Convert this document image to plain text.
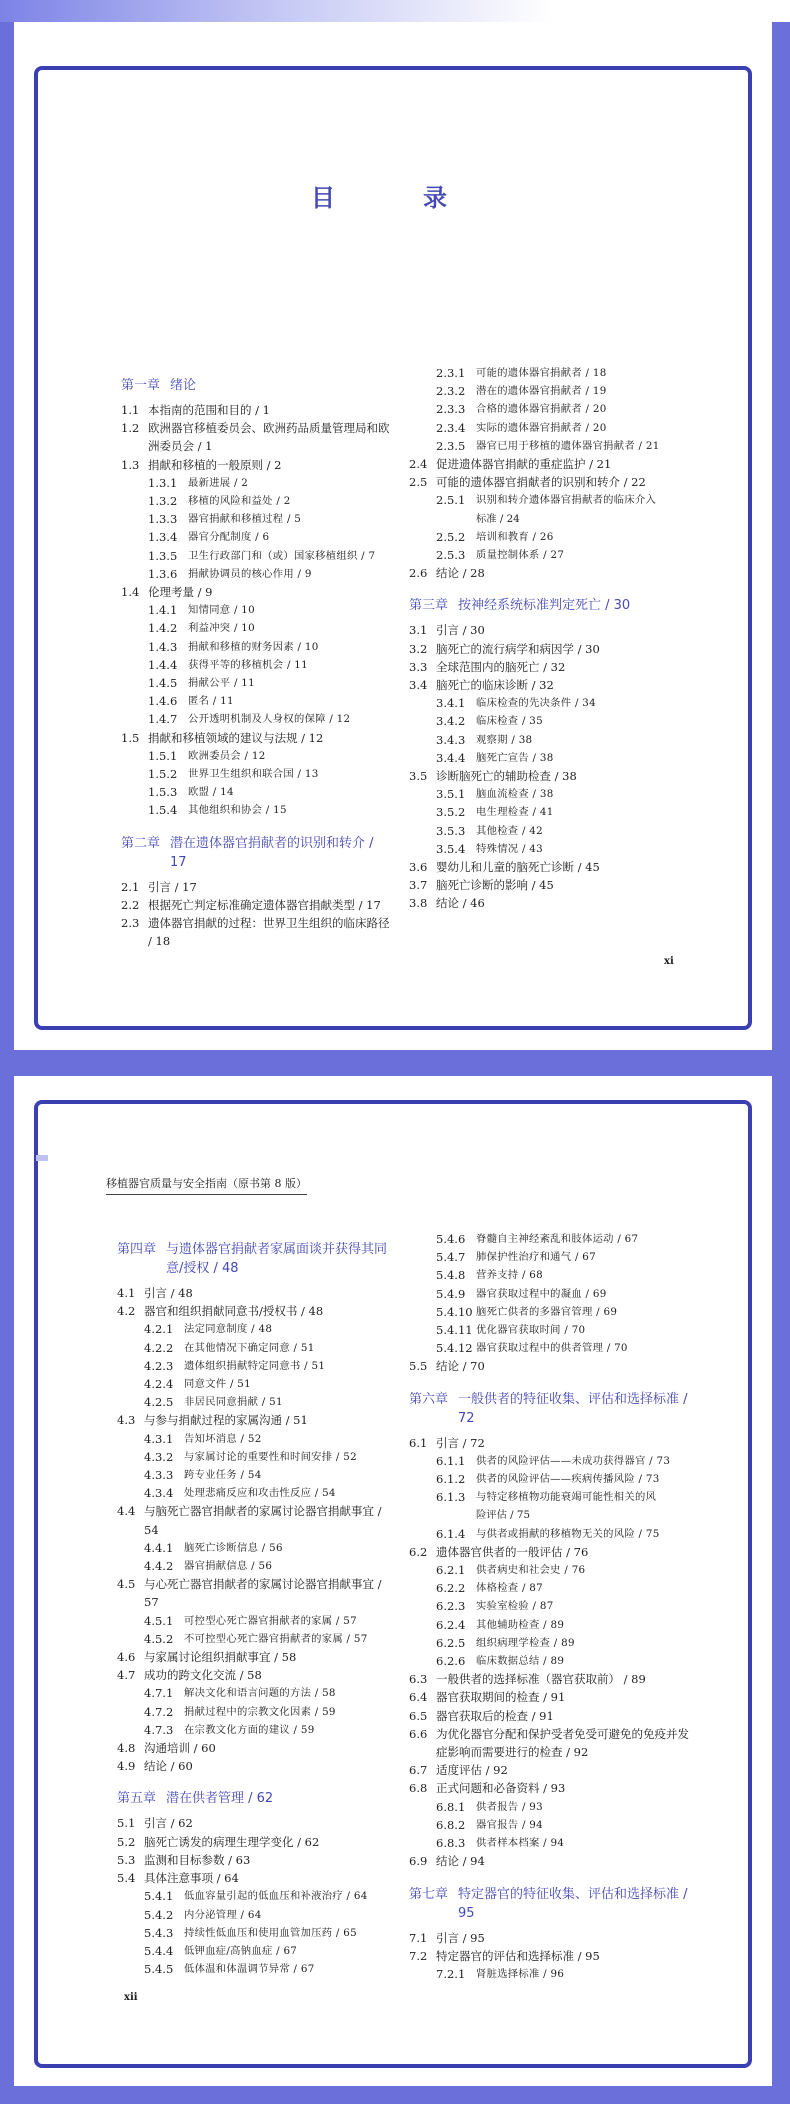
目　录
第一章 绪论
1.1 本指南的范围和目的 / 1
1.2 欧洲器官移植委员会、欧洲药品质量管理局和欧洲委员会 / 1
1.3 捐献和移植的一般原则 / 2
1.3.1	最新进展 / 2
1.3.2	移植的风险和益处 / 2
1.3.3	器官捐献和移植过程 / 5
1.3.4	器官分配制度 / 6
1.3.5	卫生行政部门和（或）国家移植组织 / 7
1.3.6	捐献协调员的核心作用 / 9
1.4 伦理考量 / 9
1.4.1	知情同意 / 10
1.4.2	利益冲突 / 10
1.4.3	捐献和移植的财务因素 / 10
1.4.4	获得平等的移植机会 / 11
1.4.5	捐献公平 / 11
1.4.6	匿名 / 11
1.4.7	公开透明机制及人身权的保障 / 12
1.5 捐献和移植领域的建议与法规 / 12
1.5.1	欧洲委员会 / 12
1.5.2	世界卫生组织和联合国 / 13
1.5.3	欧盟 / 14
1.5.4	其他组织和协会 / 15
第二章 潜在遗体器官捐献者的识别和转介 / 17
2.1 引言 / 17
2.2 根据死亡判定标准确定遗体器官捐献类型 / 17
2.3 遗体器官捐献的过程：世界卫生组织的临床路径 / 18
2.3.1	可能的遗体器官捐献者 / 18
2.3.2	潜在的遗体器官捐献者 / 19
2.3.3	合格的遗体器官捐献者 / 20
2.3.4	实际的遗体器官捐献者 / 20
2.3.5	器官已用于移植的遗体器官捐献者 / 21
2.4 促进遗体器官捐献的重症监护 / 21
2.5 可能的遗体器官捐献者的识别和转介 / 22
2.5.1	识别和转介遗体器官捐献者的临床介入
标准 / 24
2.5.2	培训和教育 / 26
2.5.3	质量控制体系 / 27
2.6 结论 / 28
第三章 按神经系统标准判定死亡 / 30
3.1 引言 / 30
3.2 脑死亡的流行病学和病因学 / 30
3.3 全球范围内的脑死亡 / 32
3.4 脑死亡的临床诊断 / 32
3.4.1	临床检查的先决条件 / 34
3.4.2	临床检查 / 35
3.4.3	观察期 / 38
3.4.4	脑死亡宣告 / 38
3.5 诊断脑死亡的辅助检查 / 38
3.5.1	脑血流检查 / 38
3.5.2	电生理检查 / 41
3.5.3	其他检查 / 42
3.5.4	特殊情况 / 43
3.6 婴幼儿和儿童的脑死亡诊断 / 45
3.7 脑死亡诊断的影响 / 45
3.8 结论 / 46
xi
移植器官质量与安全指南（原书第 8 版）
第四章 与遗体器官捐献者家属面谈并获得其同意/授权 / 48
4.1 引言 / 48
4.2 器官和组织捐献同意书/授权书 / 48
4.2.1	法定同意制度 / 48
4.2.2	在其他情况下确定同意 / 51
4.2.3	遗体组织捐献特定同意书 / 51
4.2.4	同意文件 / 51
4.2.5	非居民同意捐献 / 51
4.3 与参与捐献过程的家属沟通 / 51
4.3.1	告知坏消息 / 52
4.3.2	与家属讨论的重要性和时间安排 / 52
4.3.3	跨专业任务 / 54
4.3.4	处理悲痛反应和攻击性反应 / 54
4.4 与脑死亡器官捐献者的家属讨论器官捐献事宜 / 54
4.4.1	脑死亡诊断信息 / 56
4.4.2	器官捐献信息 / 56
4.5 与心死亡器官捐献者的家属讨论器官捐献事宜 / 57
4.5.1	可控型心死亡器官捐献者的家属 / 57
4.5.2	不可控型心死亡器官捐献者的家属 / 57
4.6 与家属讨论组织捐献事宜 / 58
4.7 成功的跨文化交流 / 58
4.7.1	解决文化和语言问题的方法 / 58
4.7.2	捐献过程中的宗教文化因素 / 59
4.7.3	在宗教文化方面的建议 / 59
4.8 沟通培训 / 60
4.9 结论 / 60
第五章 潜在供者管理 / 62
5.1 引言 / 62
5.2 脑死亡诱发的病理生理学变化 / 62
5.3 监测和目标参数 / 63
5.4 具体注意事项 / 64
5.4.1	低血容量引起的低血压和补液治疗 / 64
5.4.2	内分泌管理 / 64
5.4.3	持续性低血压和使用血管加压药 / 65
5.4.4	低钾血症/高钠血症 / 67
5.4.5	低体温和体温调节异常 / 67
5.4.6	脊髓自主神经紊乱和肢体运动 / 67
5.4.7	肺保护性治疗和通气 / 67
5.4.8	营养支持 / 68
5.4.9	器官获取过程中的凝血 / 69
5.4.10 脑死亡供者的多器官管理 / 69
5.4.11 优化器官获取时间 / 70
5.4.12 器官获取过程中的供者管理 / 70
5.5 结论 / 70
第六章 一般供者的特征收集、评估和选择标准 / 72
6.1 引言 / 72
6.1.1	供者的风险评估——未成功获得器官 / 73
6.1.2	供者的风险评估——疾病传播风险 / 73
6.1.3	与特定移植物功能衰竭可能性相关的风
险评估 / 75
6.1.4	与供者或捐献的移植物无关的风险 / 75
6.2 遗体器官供者的一般评估 / 76
6.2.1	供者病史和社会史 / 76
6.2.2	体格检查 / 87
6.2.3	实验室检验 / 87
6.2.4	其他辅助检查 / 89
6.2.5	组织病理学检查 / 89
6.2.6	临床数据总结 / 89
6.3 一般供者的选择标准（器官获取前） / 89
6.4 器官获取期间的检查 / 91
6.5 器官获取后的检查 / 91
6.6 为优化器官分配和保护受者免受可避免的免疫并发症影响而需要进行的检查 / 92
6.7 适度评估 / 92
6.8 正式问题和必备资料 / 93
6.8.1	供者报告 / 93
6.8.2	器官报告 / 94
6.8.3	供者样本档案 / 94
6.9 结论 / 94
第七章 特定器官的特征收集、评估和选择标准 / 95
7.1 引言 / 95
7.2 特定器官的评估和选择标准 / 95
7.2.1	肾脏选择标准 / 96
xii
